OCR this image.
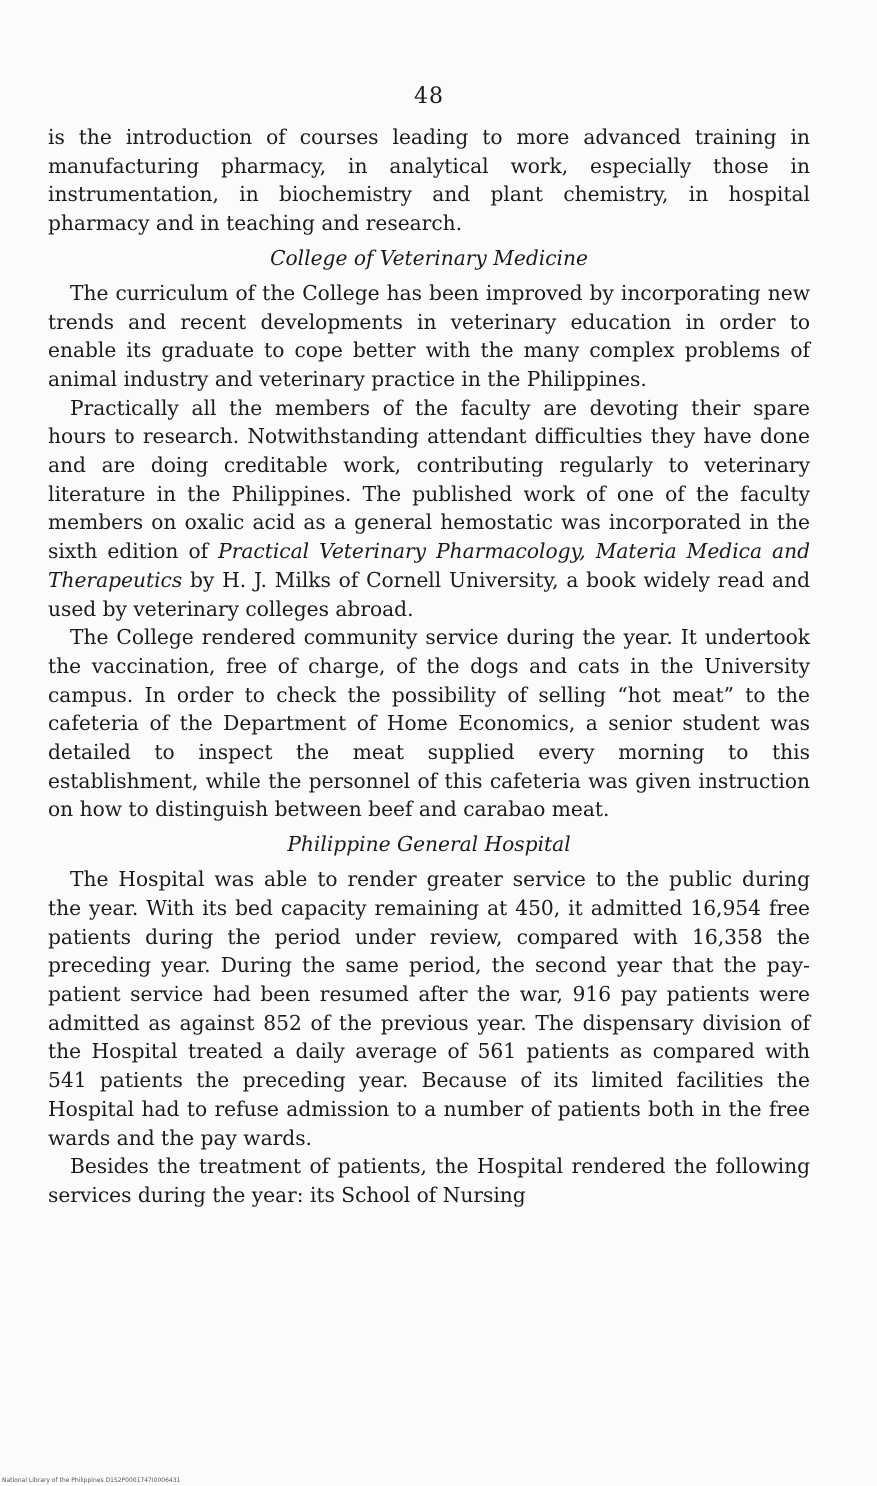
48

is the introduction of courses leading to more advanced training in manufacturing pharmacy, in analytical work, especially those in instrumentation, in biochemistry and plant chemistry, in hospital pharmacy and in teaching and research.

College of Veterinary Medicine

The curriculum of the College has been improved by incorporating new trends and recent developments in veterinary education in order to enable its graduate to cope better with the many complex problems of animal industry and veterinary practice in the Philippines.

Practically all the members of the faculty are devoting their spare hours to research. Notwithstanding attendant difficulties they have done and are doing creditable work, contributing regularly to veterinary literature in the Philippines. The published work of one of the faculty members on oxalic acid as a general hemostatic was incorporated in the sixth edition of Practical Veterinary Pharmacology, Materia Medica and Therapeutics by H. J. Milks of Cornell University, a book widely read and used by veterinary colleges abroad.

The College rendered community service during the year. It undertook the vaccination, free of charge, of the dogs and cats in the University campus. In order to check the possibility of selling “hot meat” to the cafeteria of the Department of Home Economics, a senior student was detailed to inspect the meat supplied every morning to this establishment, while the personnel of this cafeteria was given instruction on how to distinguish between beef and carabao meat.

Philippine General Hospital

The Hospital was able to render greater service to the public during the year. With its bed capacity remaining at 450, it admitted 16,954 free patients during the period under review, compared with 16,358 the preceding year. During the same period, the second year that the pay-patient service had been resumed after the war, 916 pay patients were admitted as against 852 of the previous year. The dispensary division of the Hospital treated a daily average of 561 patients as compared with 541 patients the preceding year. Because of its limited facilities the Hospital had to refuse admission to a number of patients both in the free wards and the pay wards.

Besides the treatment of patients, the Hospital rendered the following services during the year: its School of Nursing

National Library of the Philippines D1S2P0001747I0006431
